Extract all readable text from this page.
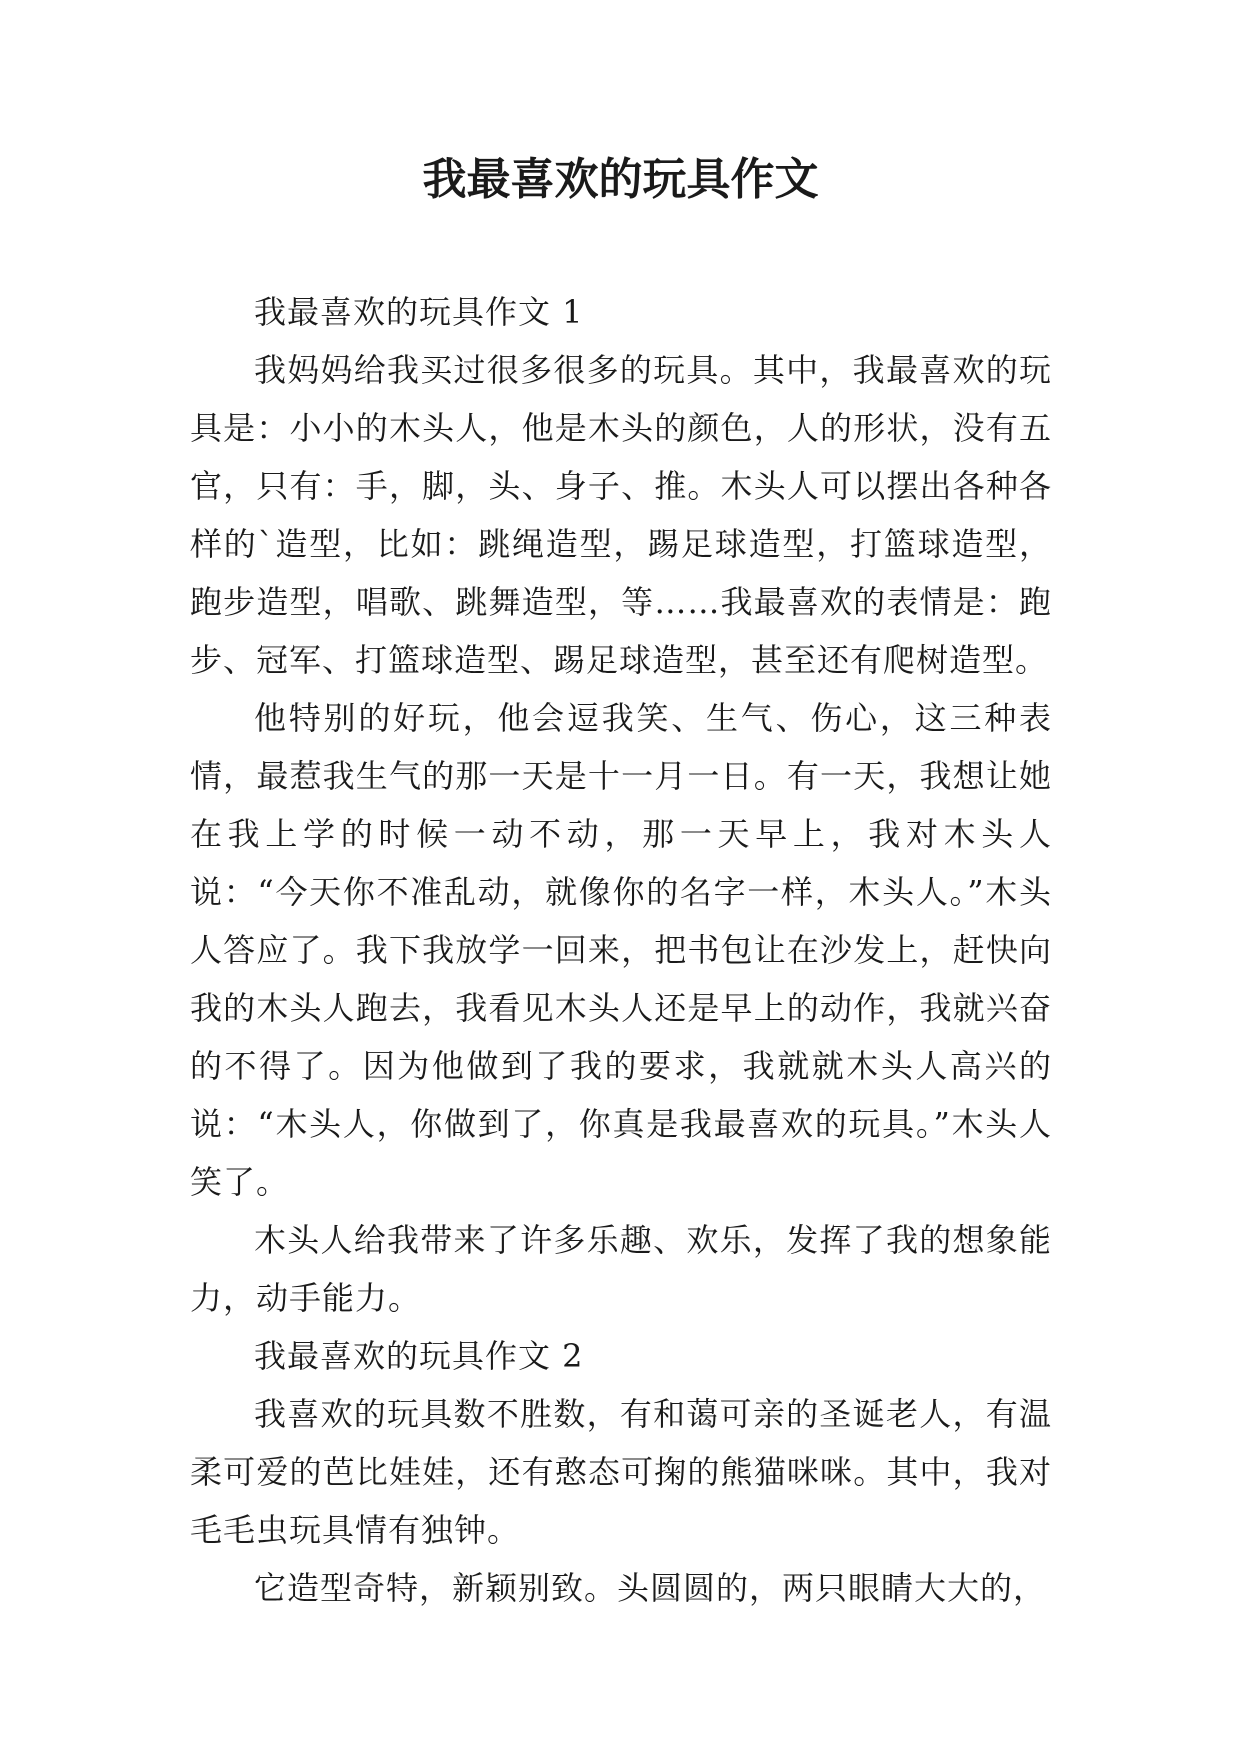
我最喜欢的玩具作文

我最喜欢的玩具作文 1

我妈妈给我买过很多很多的玩具。其中，我最喜欢的玩具是：小小的木头人，他是木头的颜色，人的形状，没有五官，只有：手，脚，头、身子、推。木头人可以摆出各种各样的`造型，比如：跳绳造型，踢足球造型，打篮球造型，跑步造型，唱歌、跳舞造型，等……我最喜欢的表情是：跑步、冠军、打篮球造型、踢足球造型，甚至还有爬树造型。

他特别的好玩，他会逗我笑、生气、伤心，这三种表情，最惹我生气的那一天是十一月一日。有一天，我想让她在我上学的时候一动不动，那一天早上，我对木头人说：“今天你不准乱动，就像你的名字一样，木头人。”木头人答应了。我下我放学一回来，把书包让在沙发上，赶快向我的木头人跑去，我看见木头人还是早上的动作，我就兴奋的不得了。因为他做到了我的要求，我就就木头人高兴的说：“木头人，你做到了，你真是我最喜欢的玩具。”木头人笑了。

木头人给我带来了许多乐趣、欢乐，发挥了我的想象能力，动手能力。

我最喜欢的玩具作文 2

我喜欢的玩具数不胜数，有和蔼可亲的圣诞老人，有温柔可爱的芭比娃娃，还有憨态可掬的熊猫咪咪。其中，我对毛毛虫玩具情有独钟。

它造型奇特，新颖别致。头圆圆的，两只眼睛大大的，
